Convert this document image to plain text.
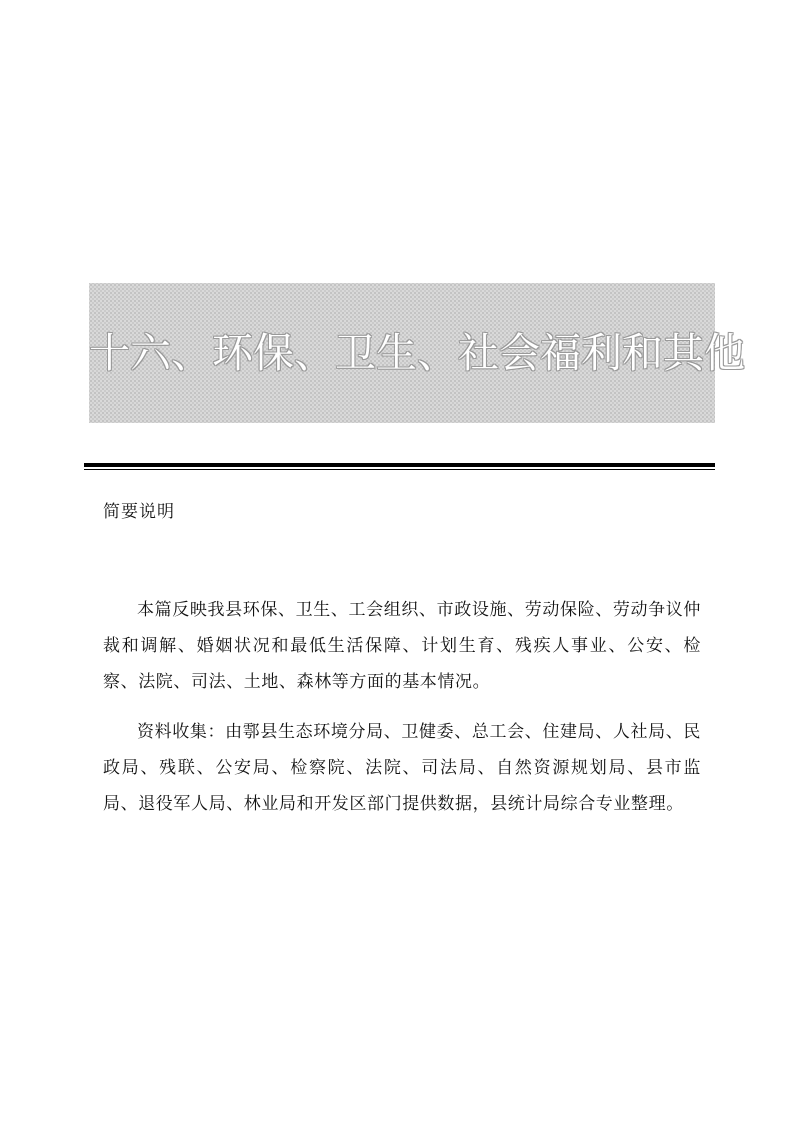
十六、环保、卫生、社会福利和其他
简要说明

本篇反映我县环保、卫生、工会组织、市政设施、劳动保险、劳动争议仲裁和调解、婚姻状况和最低生活保障、计划生育、残疾人事业、公安、检察、法院、司法、土地、森林等方面的基本情况。

资料收集：由鄠县生态环境分局、卫健委、总工会、住建局、人社局、民政局、残联、公安局、检察院、法院、司法局、自然资源规划局、县市监局、退役军人局、林业局和开发区部门提供数据，县统计局综合专业整理。
